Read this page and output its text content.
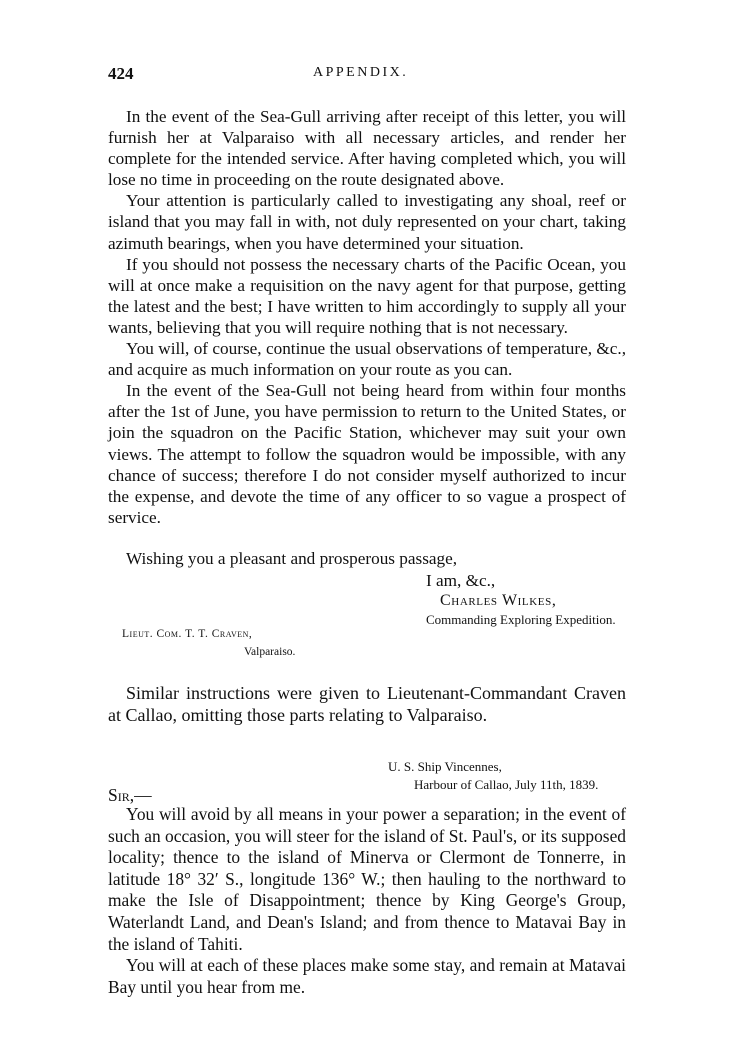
424	APPENDIX.

In the event of the Sea-Gull arriving after receipt of this letter, you will furnish her at Valparaiso with all necessary articles, and render her complete for the intended service. After having completed which, you will lose no time in proceeding on the route designated above.

Your attention is particularly called to investigating any shoal, reef or island that you may fall in with, not duly represented on your chart, taking azimuth bearings, when you have determined your situation.

If you should not possess the necessary charts of the Pacific Ocean, you will at once make a requisition on the navy agent for that purpose, getting the latest and the best; I have written to him accordingly to supply all your wants, believing that you will require nothing that is not necessary.

You will, of course, continue the usual observations of temperature, &c., and acquire as much information on your route as you can.

In the event of the Sea-Gull not being heard from within four months after the 1st of June, you have permission to return to the United States, or join the squadron on the Pacific Station, whichever may suit your own views. The attempt to follow the squadron would be impossible, with any chance of success; therefore I do not consider myself authorized to incur the expense, and devote the time of any officer to so vague a prospect of service.

Wishing you a pleasant and prosperous passage,
I am, &c.,
Charles Wilkes,
Commanding Exploring Expedition.
Lieut. Com. T. T. Craven,
Valparaiso.

Similar instructions were given to Lieutenant-Commandant Craven at Callao, omitting those parts relating to Valparaiso.

U. S. Ship Vincennes,
Harbour of Callao, July 11th, 1839.
Sir,—

You will avoid by all means in your power a separation; in the event of such an occasion, you will steer for the island of St. Paul's, or its supposed locality; thence to the island of Minerva or Clermont de Tonnerre, in latitude 18° 32′ S., longitude 136° W.; then hauling to the northward to make the Isle of Disappointment; thence by King George's Group, Waterlandt Land, and Dean's Island; and from thence to Matavai Bay in the island of Tahiti.

You will at each of these places make some stay, and remain at Matavai Bay until you hear from me.
